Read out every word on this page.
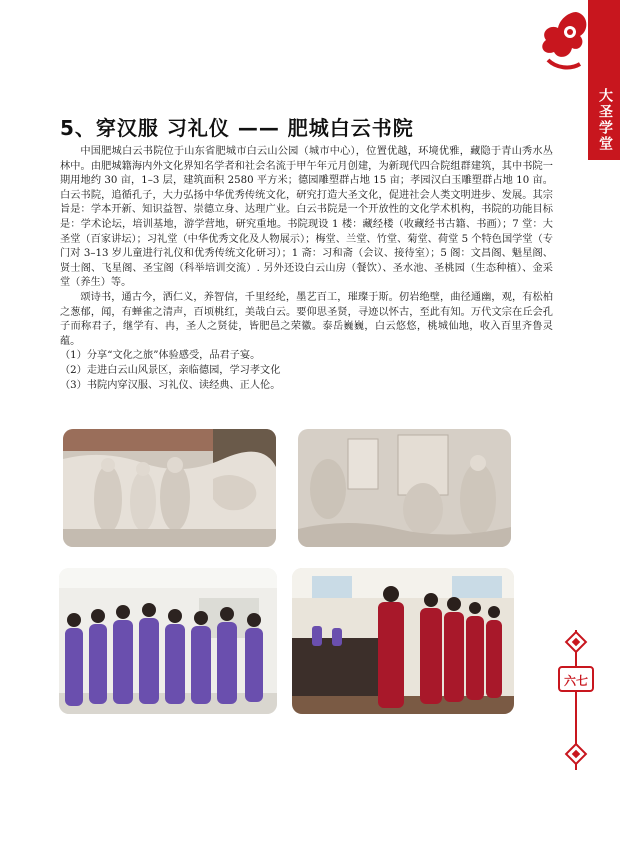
大圣学堂
5、穿汉服 习礼仪 —— 肥城白云书院

中国肥城白云书院位于山东省肥城市白云山公园（城市中心），位置优越，环境优雅，藏隐于青山秀水丛林中。由肥城籍海内外文化界知名学者和社会名流于甲午年元月创建，为新现代四合院组群建筑，其中书院一期用地约 30 亩，1–3 层，建筑面积 2580 平方米；德园雕塑群占地 15 亩；孝园汉白玉雕塑群占地 10 亩。白云书院，追循孔子，大力弘扬中华优秀传统文化，研究打造大圣文化，促进社会人类文明进步、发展。其宗旨是：学本开新、知识益智、崇德立身、达理广业。白云书院是一个开放性的文化学术机构，书院的功能目标是：学术论坛，培训基地，游学营地，研究重地。书院现设 1 楼：藏经楼（收藏经书古籍、书画）；7 堂：大圣堂（百家讲坛）；习礼堂（中华优秀文化及人物展示）；梅堂、兰堂、竹堂、菊堂、荷堂 5 个特色国学堂（专门对 3–13 岁儿童进行礼仪和优秀传统文化研习）；1 斋：习和斋（会议、接待室）；5 阁：文昌阁、魁星阁、贤士阁、飞星阁、圣宝阁（科举培训交流）. 另外还设白云山房（餐饮）、圣水池、圣桃园（生态种植）、金采堂（养生）等。

颂诗书，通古今，洒仁义，养智信，千里经纶，墨艺百工，璀璨于斯。仞岩绝壁，曲径通幽，观，有松柏之葱郁，闻，有蝉雀之清声，百顷桃红，美哉白云。要仰思圣贤，寻迹以怀古，至此有知。万代文宗在丘会孔子而称君子，继学有、冉，圣人之贤徒，皆肥邑之荣徽。泰岳巍巍，白云悠悠，桃城仙地，收入百里齐鲁灵蕴。

（1）分享“文化之旅”体验感受，品君子宴。
（2）走进白云山风景区，亲临德园，学习孝文化
（3）书院内穿汉服、习礼仪、读经典、正人伦。
六七
